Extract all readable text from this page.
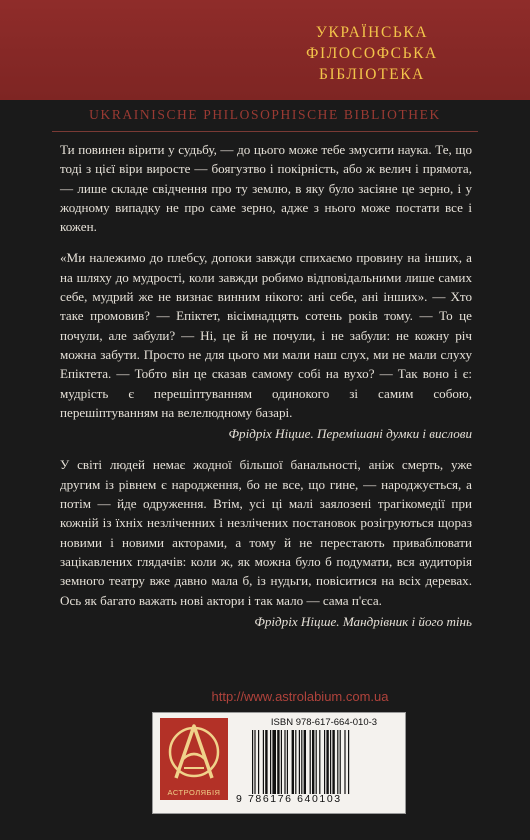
УКРАЇНСЬКА
ФІЛОСОФСЬКА
БІБЛІОТЕКА
UKRAINISCHE PHILOSOPHISCHE BIBLIOTHEK

Ти повинен вірити у судьбу, — до цього може тебе змусити наука. Те, що тоді з цієї віри виросте — боягузтво і покірність, або ж велич і прямота, — лише складе свідчення про ту землю, в яку було засіяне це зерно, і у жодному випадку не про саме зерно, адже з нього може постати все і кожен.

«Ми належимо до плебсу, допоки завжди спихаємо провину на інших, а на шляху до мудрості, коли завжди робимо відповідальними лише самих себе, мудрий же не визнає винним нікого: ані себе, ані інших». — Хто таке промовив? — Епіктет, вісімнадцять сотень років тому. — То це почули, але забули? — Ні, це й не почули, і не забули: не кожну річ можна забути. Просто не для цього ми мали наш слух, ми не мали слуху Епіктета. — Тобто він це сказав самому собі на вухо? — Так воно і є: мудрість є перешіптуванням одинокого зі самим собою, перешіптуванням на велелюдному базарі.

Фрідріх Ніцше. Перемішані думки і вислови

У світі людей немає жодної більшої банальності, аніж смерть, уже другим із рівнем є народження, бо не все, що гине, — народжується, а потім — йде одруження. Втім, усі ці малі заялозені трагікомедії при кожній із їхніх незліченних і незлічених постановок розігруються щораз новими і новими акторами, а тому й не перестають приваблювати зацікавлених глядачів: коли ж, як можна було б подумати, вся аудиторія земного театру вже давно мала б, із нудьги, повіситися на всіх деревах. Ось як багато важать нові актори і так мало — сама п'єса.

Фрідріх Ніцше. Мандрівник і його тінь

http://www.astrolabium.com.ua
АСТРОЛЯБІЯ
ISBN 978-617-664-010-3
9 786176 640103
